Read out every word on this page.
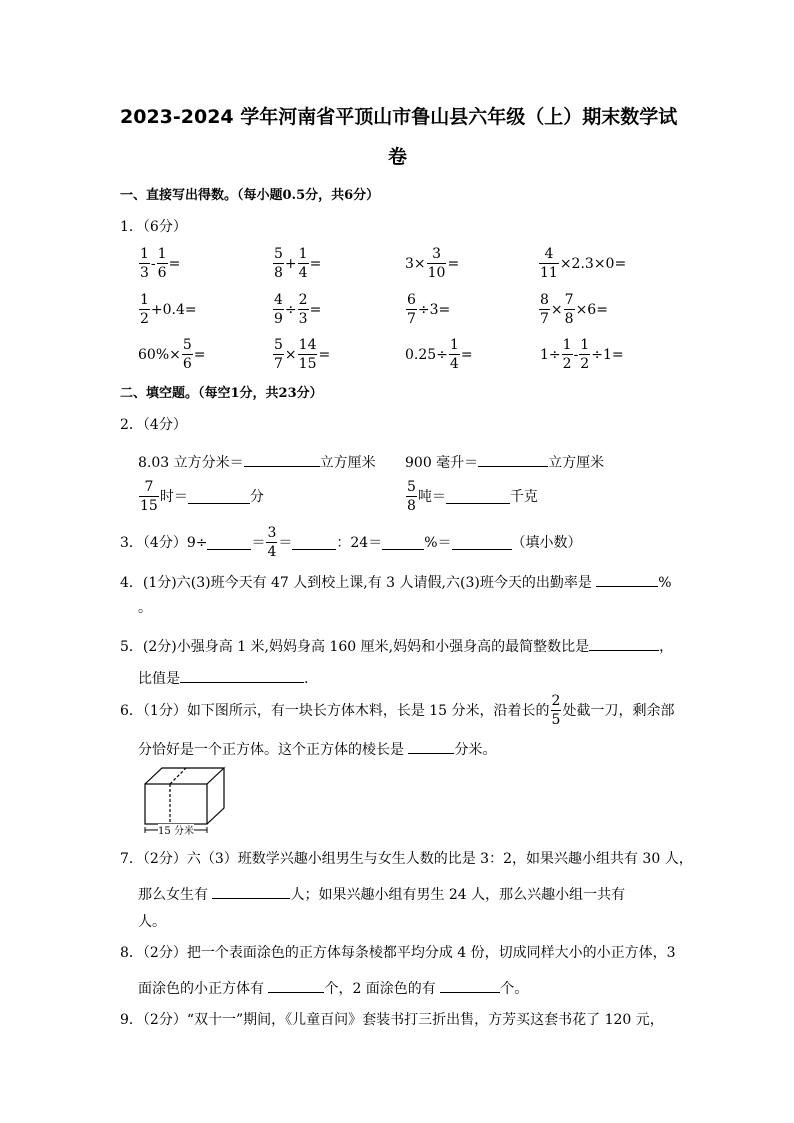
2023-2024 学年河南省平顶山市鲁山县六年级（上）期末数学试
卷
一、直接写出得数。（每小题0.5分，共6分）
1．（6分）
$\frac{1}{3} - \frac{1}{6}$ =	$\frac{5}{8} + \frac{1}{4}$ =	$3\times \frac{3}{10}$ =	$\frac{4}{11} \times 2.3\times 0=$
$\frac{1}{2} +0.4=$	$\frac{4}{9} \div \frac{2}{3}$ =	$\frac{6}{7} \div 3=$	$\frac{8}{7} \times \frac{7}{8} \times 6=$
$60\%\times \frac{5}{6}$ =	$\frac{5}{7} \times \frac{14}{15}$ =	$0.25\div \frac{1}{4}$ =	$1\div \frac{1}{2} - \frac{1}{2} \div 1=$
二、填空题。（每空1分，共23分）
2．（4分）
8.03 立方分米＝	立方厘米 900 毫升＝	立方厘米
$\frac{7}{15}$ 时＝	分	$\frac{5}{8}$ 吨＝	千克
3．（4分）9÷	＝ $\frac{3}{4}$ ＝	：24＝	%＝	（填小数）
4．(1分)六(3)班今天有 47 人到校上课,有 3 人请假,六(3)班今天的出勤率是	%
。
5．(2分)小强身高 1 米,妈妈身高 160 厘米,妈妈和小强身高的最简整数比是	，
比值是	.
6．（1分）如下图所示，有一块长方体木料，长是 15 分米，沿着长的 $\frac{2}{5}$ 处截一刀，剩余部
分恰好是一个正方体。这个正方体的棱长是	分米。
15 分米
7．（2分）六（3）班数学兴趣小组男生与女生人数的比是 3：2，如果兴趣小组共有 30 人，
那么女生有	人；如果兴趣小组有男生 24 人，那么兴趣小组一共有
人。
8．（2分）把一个表面涂色的正方体每条棱都平均分成 4 份，切成同样大小的小正方体，3
面涂色的小正方体有	个，2 面涂色的有	个。
9．（2分）“双十一”期间，《儿童百问》套装书打三折出售，方芳买这套书花了 120 元，
